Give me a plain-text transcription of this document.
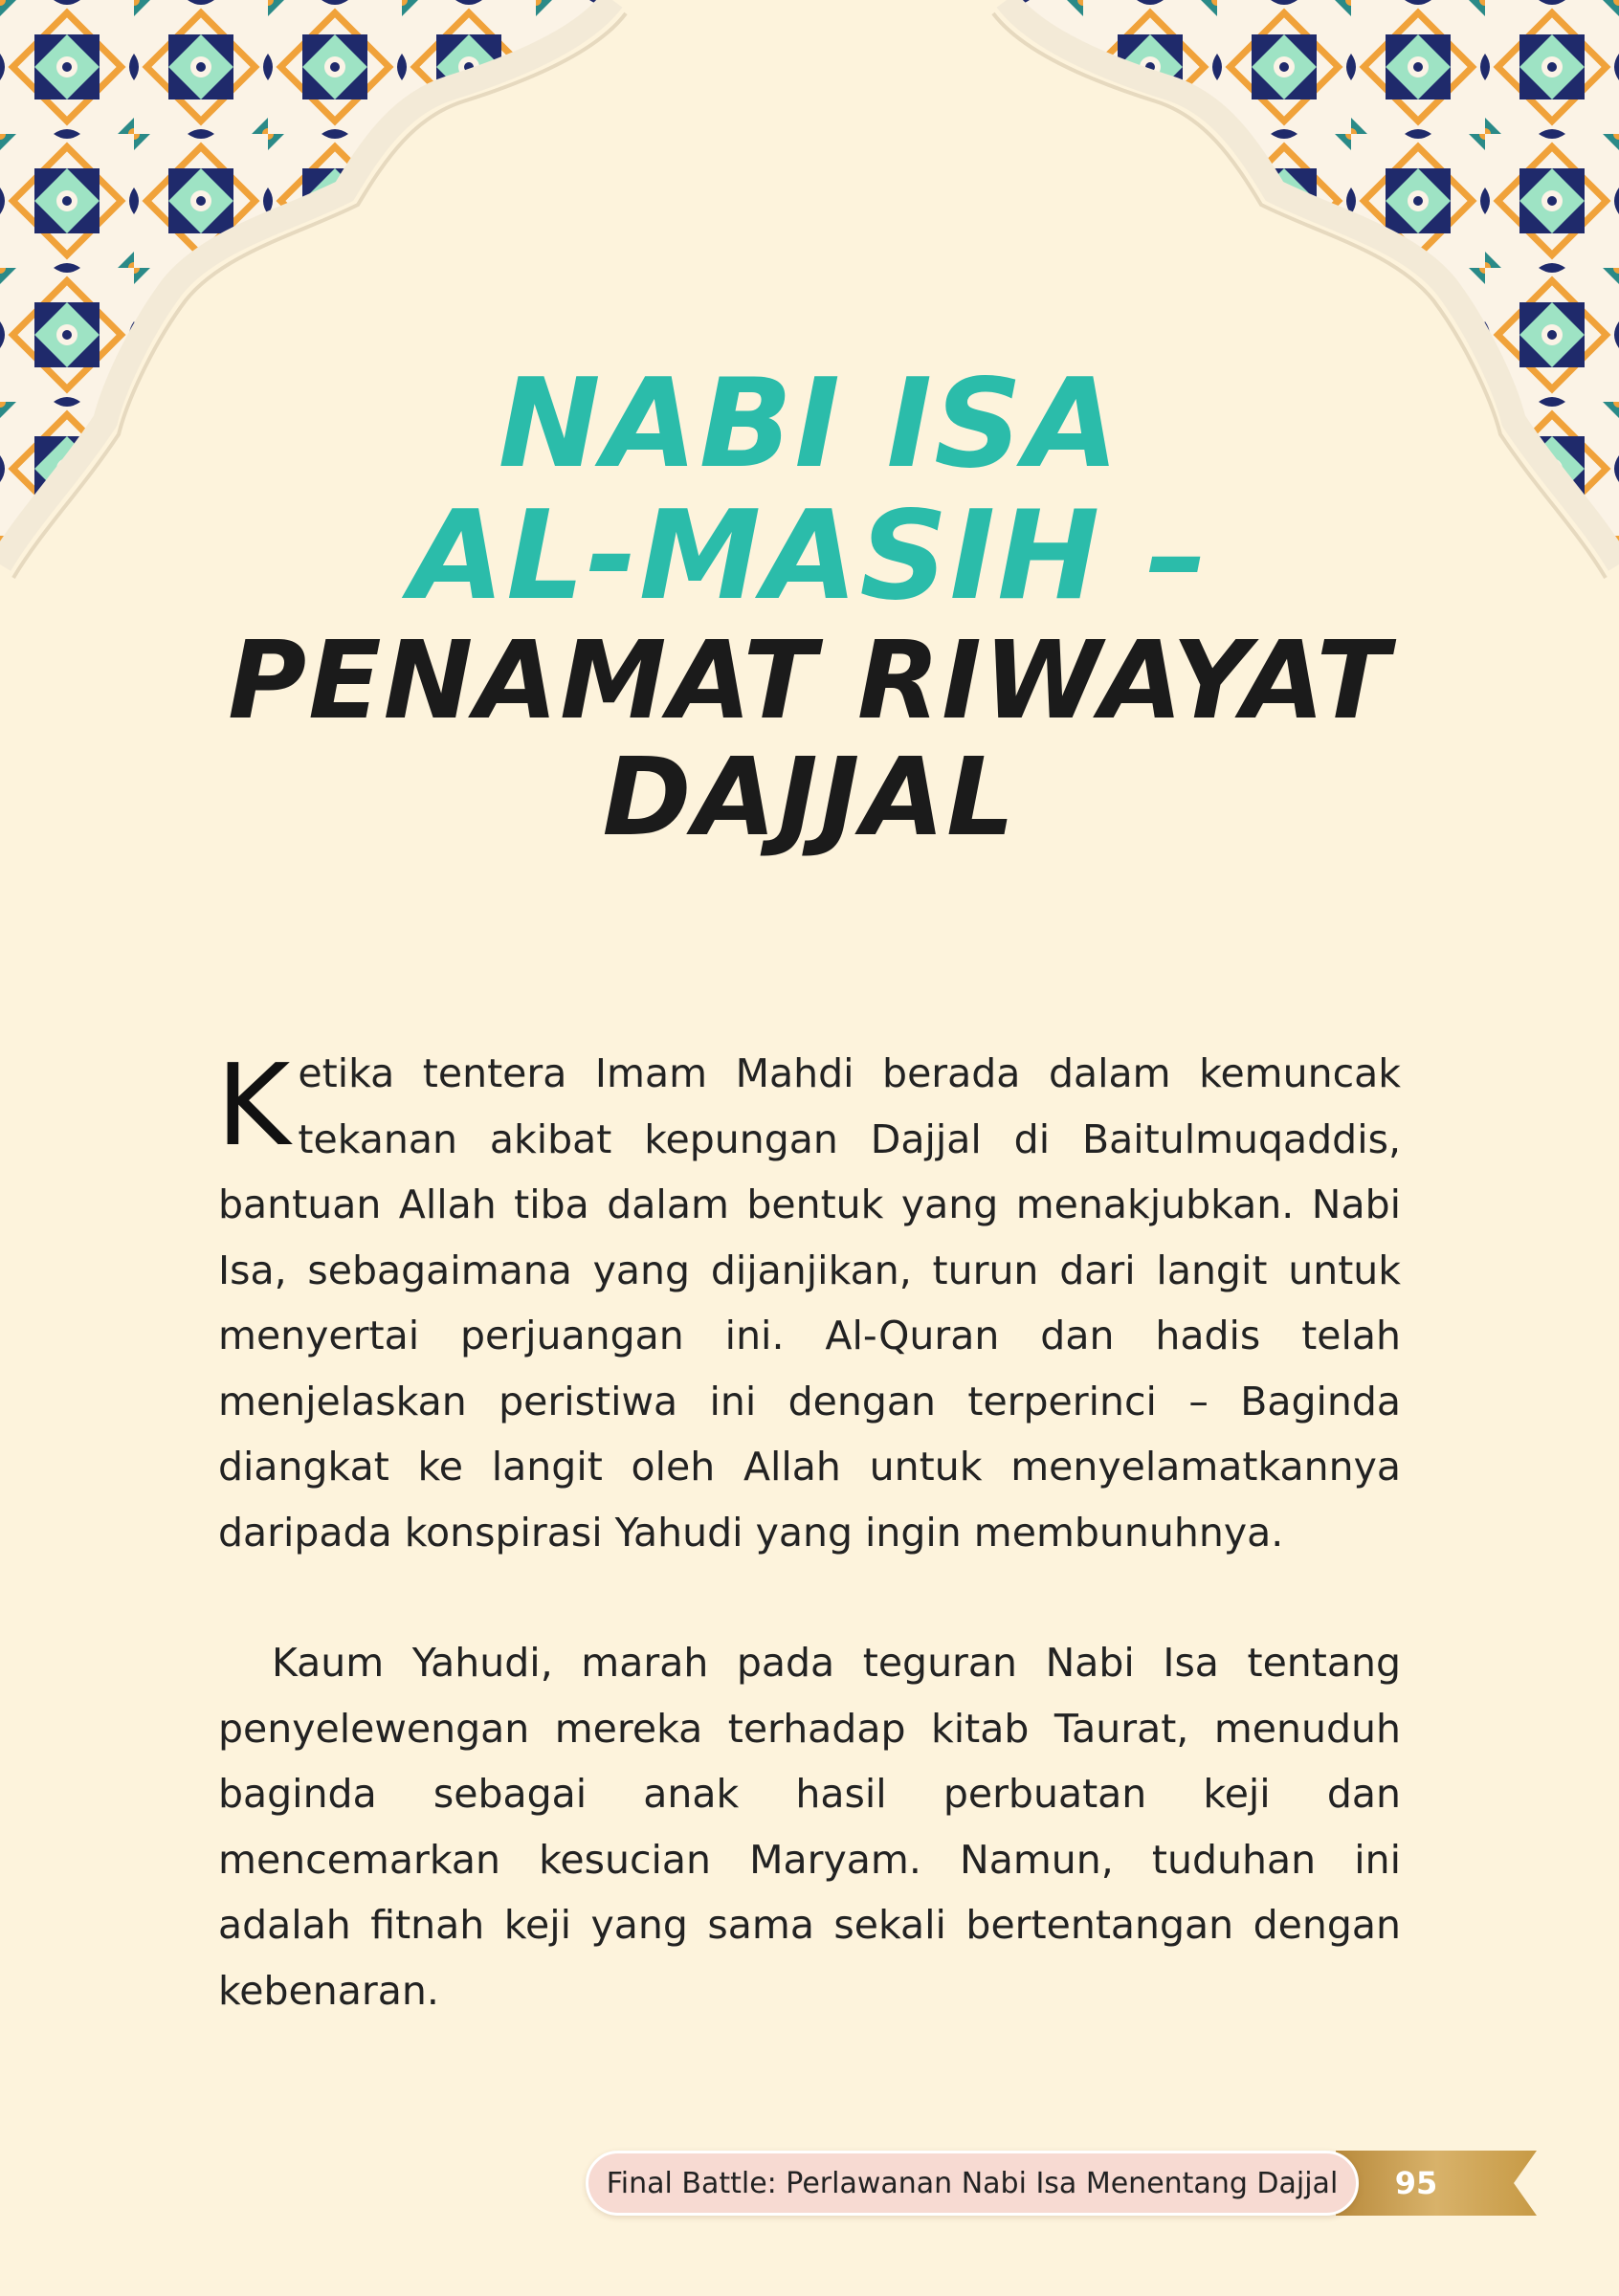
NABI ISA
AL-MASIH –
PENAMAT RIWAYAT
DAJJAL

Ketika tentera Imam Mahdi berada dalam kemuncak tekanan akibat kepungan Dajjal di Baitulmuqaddis, bantuan Allah tiba dalam bentuk yang menakjubkan. Nabi Isa, sebagaimana yang dijanjikan, turun dari langit untuk menyertai perjuangan ini. Al-Quran dan hadis telah menjelaskan peristiwa ini dengan terperinci – Baginda diangkat ke langit oleh Allah untuk menyelamatkannya daripada konspirasi Yahudi yang ingin membunuhnya.

Kaum Yahudi, marah pada teguran Nabi Isa tentang penyelewengan mereka terhadap kitab Taurat, menuduh baginda sebagai anak hasil perbuatan keji dan mencemarkan kesucian Maryam. Namun, tuduhan ini adalah fitnah keji yang sama sekali bertentangan dengan kebenaran.

Final Battle: Perlawanan Nabi Isa Menentang Dajjal	95
